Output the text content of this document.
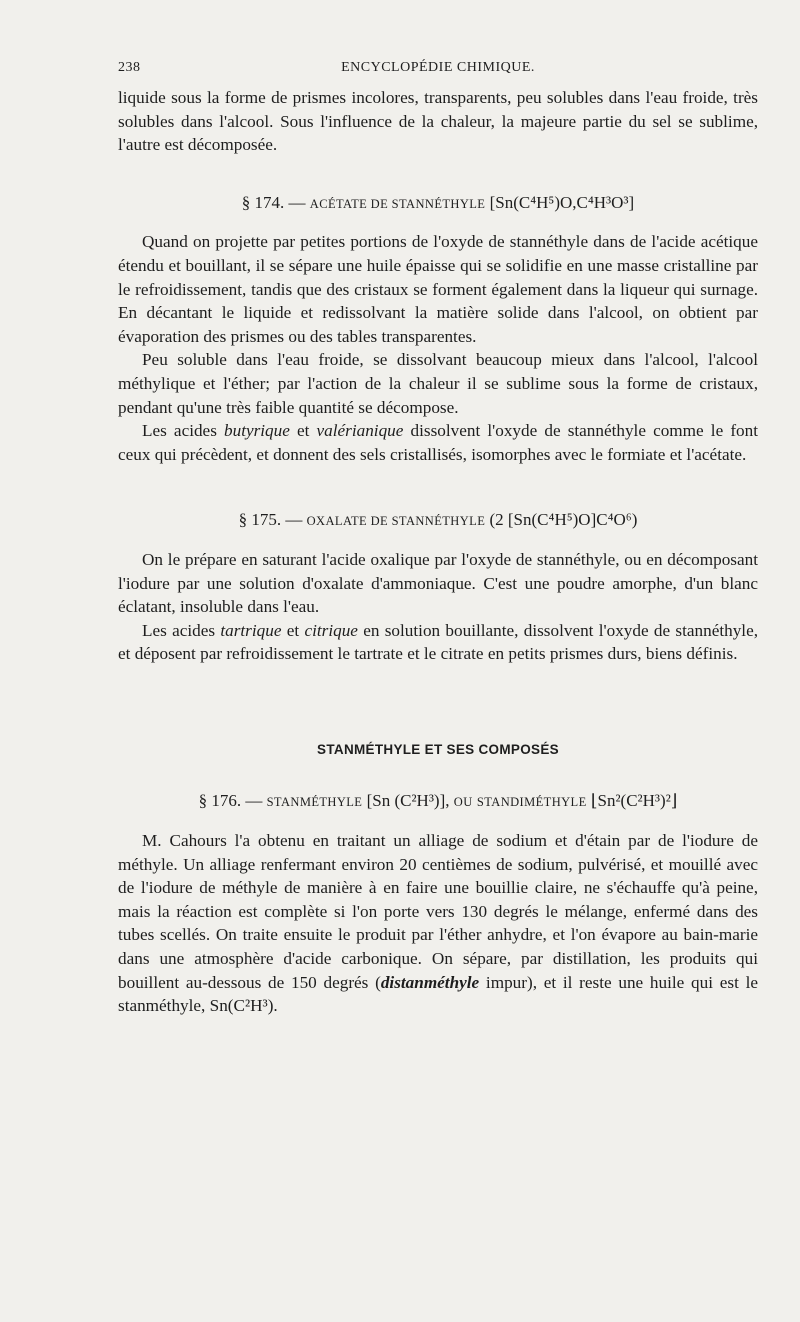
238	ENCYCLOPÉDIE CHIMIQUE.

liquide sous la forme de prismes incolores, transparents, peu solubles dans l'eau froide, très solubles dans l'alcool. Sous l'influence de la chaleur, la majeure partie du sel se sublime, l'autre est décomposée.

§ 174. — ACÉTATE DE STANNÉTHYLE [Sn(C⁴H⁵)O,C⁴H³O³]

Quand on projette par petites portions de l'oxyde de stannéthyle dans de l'acide acétique étendu et bouillant, il se sépare une huile épaisse qui se solidifie en une masse cristalline par le refroidissement, tandis que des cristaux se forment également dans la liqueur qui surnage. En décantant le liquide et redissolvant la matière solide dans l'alcool, on obtient par évaporation des prismes ou des tables transparentes.

Peu soluble dans l'eau froide, se dissolvant beaucoup mieux dans l'alcool, l'alcool méthylique et l'éther; par l'action de la chaleur il se sublime sous la forme de cristaux, pendant qu'une très faible quantité se décompose.

Les acides butyrique et valérianique dissolvent l'oxyde de stannéthyle comme le font ceux qui précèdent, et donnent des sels cristallisés, isomorphes avec le formiate et l'acétate.

§ 175. — OXALATE DE STANNÉTHYLE (2 [Sn(C⁴H⁵)O]C⁴O⁶)

On le prépare en saturant l'acide oxalique par l'oxyde de stannéthyle, ou en décomposant l'iodure par une solution d'oxalate d'ammoniaque. C'est une poudre amorphe, d'un blanc éclatant, insoluble dans l'eau.

Les acides tartrique et citrique en solution bouillante, dissolvent l'oxyde de stannéthyle, et déposent par refroidissement le tartrate et le citrate en petits prismes durs, biens définis.

STANMÉTHYLE ET SES COMPOSÉS

§ 176. — STANMÉTHYLE [Sn (C²H³)], OU STANDIMÉTHYLE ⌊Sn²(C²H³)²⌋

M. Cahours l'a obtenu en traitant un alliage de sodium et d'étain par de l'iodure de méthyle. Un alliage renfermant environ 20 centièmes de sodium, pulvérisé, et mouillé avec de l'iodure de méthyle de manière à en faire une bouillie claire, ne s'échauffe qu'à peine, mais la réaction est complète si l'on porte vers 130 degrés le mélange, enfermé dans des tubes scellés. On traite ensuite le produit par l'éther anhydre, et l'on évapore au bain-marie dans une atmosphère d'acide carbonique. On sépare, par distillation, les produits qui bouillent au-dessous de 150 degrés (distanméthyle impur), et il reste une huile qui est le stanméthyle, Sn(C²H³).
